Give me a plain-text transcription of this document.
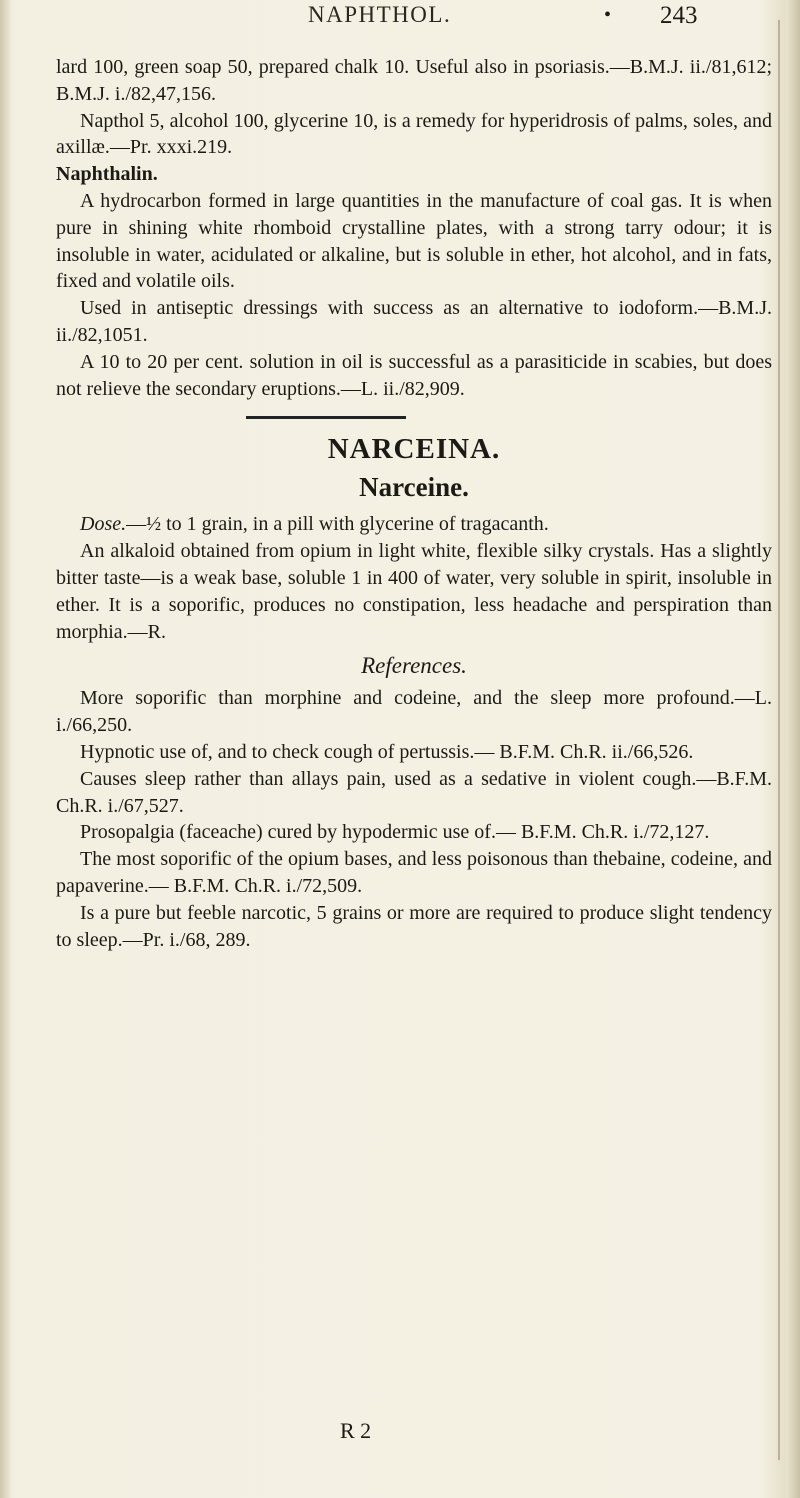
NAPHTHOL.	• 243

lard 100, green soap 50, prepared chalk 10. Useful also in psoriasis.—B.M.J. ii./81,612; B.M.J. i./82,47,156.

Napthol 5, alcohol 100, glycerine 10, is a remedy for hyperidrosis of palms, soles, and axillæ.—Pr. xxxi.219.

Naphthalin.

A hydrocarbon formed in large quantities in the manufacture of coal gas. It is when pure in shining white rhomboid crystalline plates, with a strong tarry odour; it is insoluble in water, acidulated or alkaline, but is soluble in ether, hot alcohol, and in fats, fixed and volatile oils.

Used in antiseptic dressings with success as an alternative to iodoform.—B.M.J. ii./82,1051.

A 10 to 20 per cent. solution in oil is successful as a parasiticide in scabies, but does not relieve the secondary eruptions.—L. ii./82,909.

NARCEINA.
Narceine.

Dose.—½ to 1 grain, in a pill with glycerine of tragacanth.

An alkaloid obtained from opium in light white, flexible silky crystals. Has a slightly bitter taste—is a weak base, soluble 1 in 400 of water, very soluble in spirit, insoluble in ether. It is a soporific, produces no constipation, less headache and perspiration than morphia.—R.

References.

More soporific than morphine and codeine, and the sleep more profound.—L. i./66,250.

Hypnotic use of, and to check cough of pertussis.— B.F.M. Ch.R. ii./66,526.

Causes sleep rather than allays pain, used as a sedative in violent cough.—B.F.M. Ch.R. i./67,527.

Prosopalgia (faceache) cured by hypodermic use of.— B.F.M. Ch.R. i./72,127.

The most soporific of the opium bases, and less poisonous than thebaine, codeine, and papaverine.— B.F.M. Ch.R. i./72,509.

Is a pure but feeble narcotic, 5 grains or more are required to produce slight tendency to sleep.—Pr. i./68, 289.

R 2
